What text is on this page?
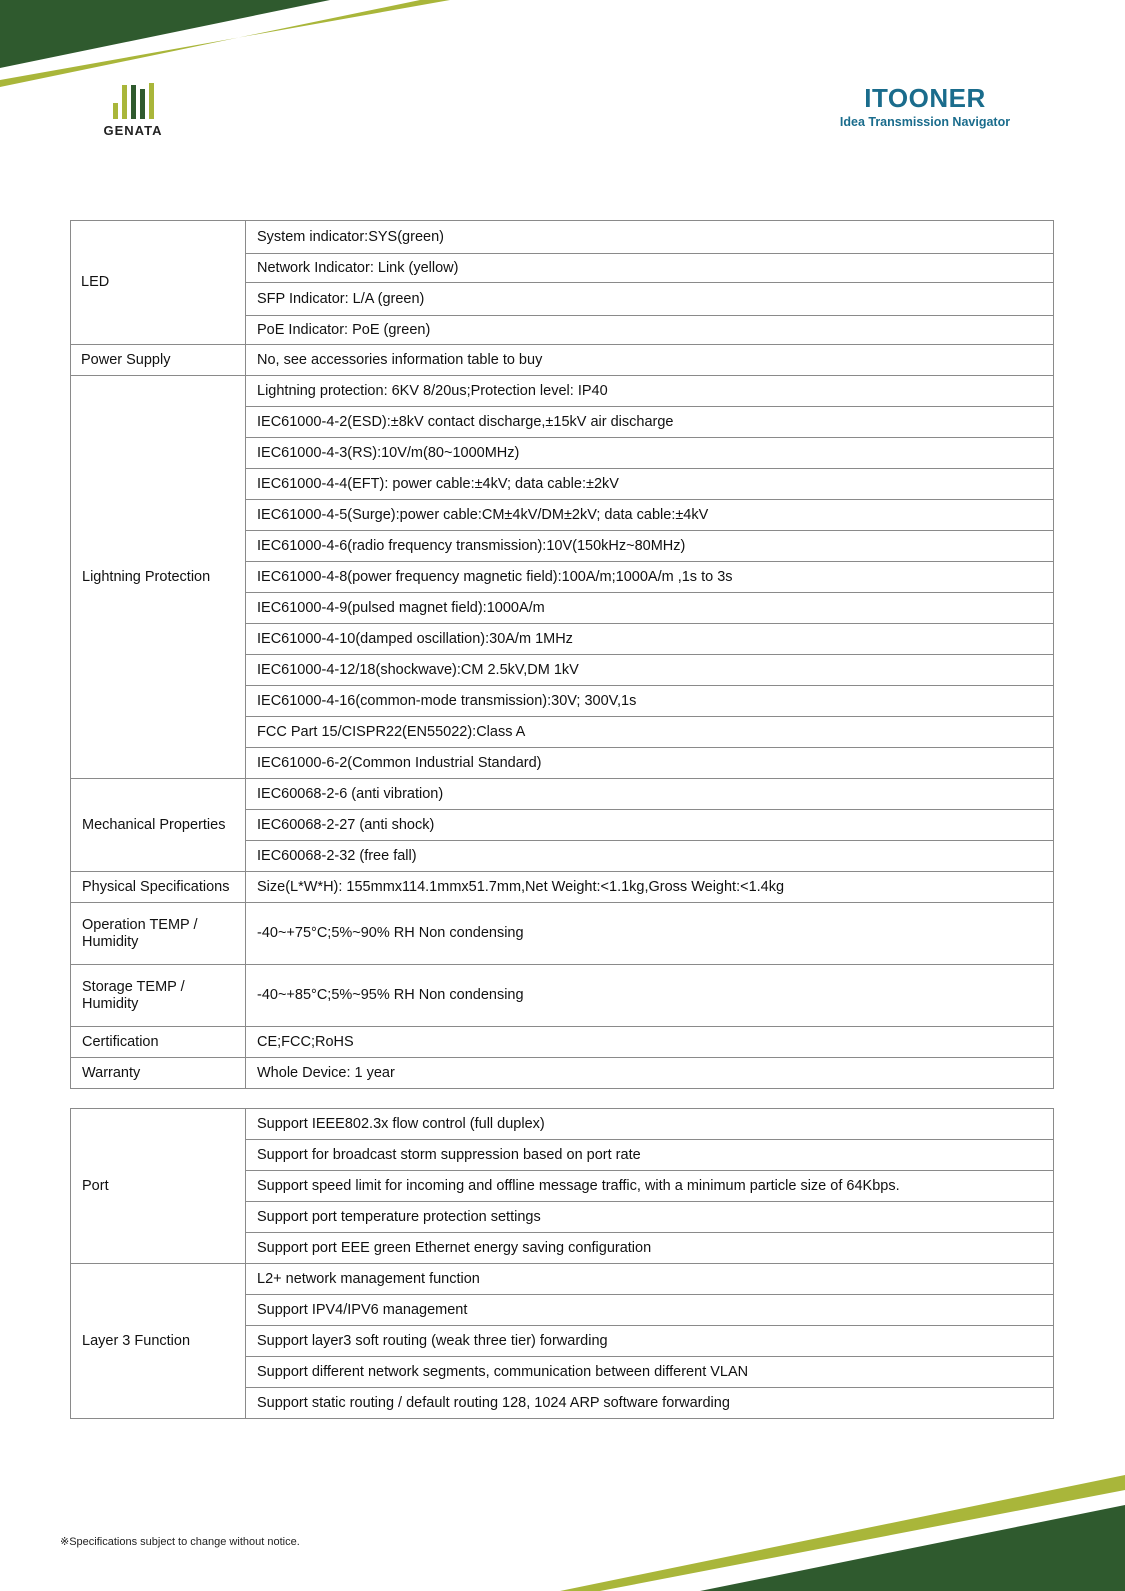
GENATA
ITOONER
Idea Transmission Navigator
LED	System indicator:SYS(green)
	Network Indicator: Link (yellow)
	SFP Indicator: L/A (green)
	PoE Indicator: PoE (green)
Power Supply	No, see accessories information table to buy
Lightning Protection	Lightning protection: 6KV 8/20us;Protection level: IP40
	IEC61000-4-2(ESD):±8kV contact discharge,±15kV air discharge
	IEC61000-4-3(RS):10V/m(80~1000MHz)
	IEC61000-4-4(EFT): power cable:±4kV; data cable:±2kV
	IEC61000-4-5(Surge):power cable:CM±4kV/DM±2kV; data cable:±4kV
	IEC61000-4-6(radio frequency transmission):10V(150kHz~80MHz)
	IEC61000-4-8(power frequency magnetic field):100A/m;1000A/m ,1s to 3s
	IEC61000-4-9(pulsed magnet field):1000A/m
	IEC61000-4-10(damped oscillation):30A/m 1MHz
	IEC61000-4-12/18(shockwave):CM 2.5kV,DM 1kV
	IEC61000-4-16(common-mode transmission):30V; 300V,1s
	FCC Part 15/CISPR22(EN55022):Class A
	IEC61000-6-2(Common Industrial Standard)
Mechanical Properties	IEC60068-2-6 (anti vibration)
	IEC60068-2-27 (anti shock)
	IEC60068-2-32 (free fall)
Physical Specifications	Size(L*W*H): 155mmx114.1mmx51.7mm,Net Weight:<1.1kg,Gross Weight:<1.4kg
Operation TEMP / Humidity	-40~+75°C;5%~90% RH Non condensing
Storage TEMP / Humidity	-40~+85°C;5%~95% RH Non condensing
Certification	CE;FCC;RoHS
Warranty	Whole Device: 1 year
Port	Support IEEE802.3x flow control (full duplex)
	Support for broadcast storm suppression based on port rate
	Support speed limit for incoming and offline message traffic, with a minimum particle size of 64Kbps.
	Support port temperature protection settings
	Support port EEE green Ethernet energy saving configuration
Layer 3 Function	L2+ network management function
	Support IPV4/IPV6 management
	Support layer3 soft routing (weak three tier) forwarding
	Support different network segments, communication between different VLAN
	Support static routing / default routing 128, 1024 ARP software forwarding
※Specifications subject to change without notice.
